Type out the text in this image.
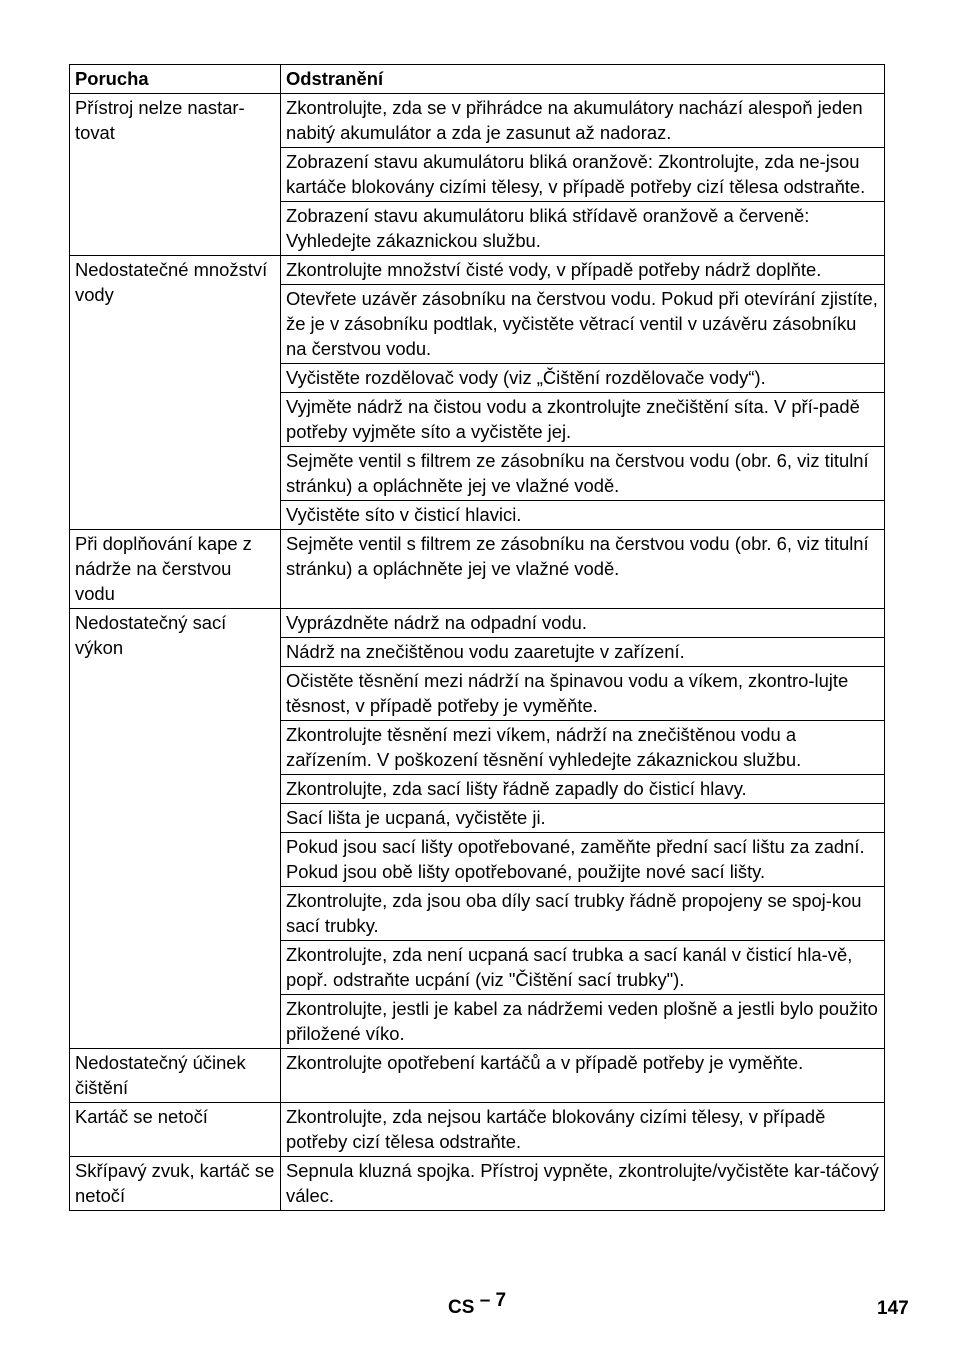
Porucha	Odstranění
Přístroj nelze nastar-tovat	Zkontrolujte, zda se v přihrádce na akumulátory nachází alespoň jeden nabitý akumulátor a zda je zasunut až nadoraz.
	Zobrazení stavu akumulátoru bliká oranžově: Zkontrolujte, zda ne-jsou kartáče blokovány cizími tělesy, v případě potřeby cizí tělesa odstraňte.
	Zobrazení stavu akumulátoru bliká střídavě oranžově a červeně: Vyhledejte zákaznickou službu.
Nedostatečné množství vody	Zkontrolujte množství čisté vody, v případě potřeby nádrž doplňte.
	Otevřete uzávěr zásobníku na čerstvou vodu. Pokud při otevírání zjistíte, že je v zásobníku podtlak, vyčistěte větrací ventil v uzávěru zásobníku na čerstvou vodu.
	Vyčistěte rozdělovač vody (viz „Čištění rozdělovače vody“).
	Vyjměte nádrž na čistou vodu a zkontrolujte znečištění síta. V pří-padě potřeby vyjměte síto a vyčistěte jej.
	Sejměte ventil s filtrem ze zásobníku na čerstvou vodu (obr. 6, viz titulní stránku) a opláchněte jej ve vlažné vodě.
	Vyčistěte síto v čisticí hlavici.
Při doplňování kape z nádrže na čerstvou vodu	Sejměte ventil s filtrem ze zásobníku na čerstvou vodu (obr. 6, viz titulní stránku) a opláchněte jej ve vlažné vodě.
Nedostatečný sací výkon	Vyprázdněte nádrž na odpadní vodu.
	Nádrž na znečištěnou vodu zaaretujte v zařízení.
	Očistěte těsnění mezi nádrží na špinavou vodu a víkem, zkontro-lujte těsnost, v případě potřeby je vyměňte.
	Zkontrolujte těsnění mezi víkem, nádrží na znečištěnou vodu a zařízením. V poškození těsnění vyhledejte zákaznickou službu.
	Zkontrolujte, zda sací lišty řádně zapadly do čisticí hlavy.
	Sací lišta je ucpaná, vyčistěte ji.
	Pokud jsou sací lišty opotřebované, zaměňte přední sací lištu za zadní. Pokud jsou obě lišty opotřebované, použijte nové sací lišty.
	Zkontrolujte, zda jsou oba díly sací trubky řádně propojeny se spoj-kou sací trubky.
	Zkontrolujte, zda není ucpaná sací trubka a sací kanál v čisticí hla-vě, popř. odstraňte ucpání (viz "Čištění sací trubky").
	Zkontrolujte, jestli je kabel za nádržemi veden plošně a jestli bylo použito přiložené víko.
Nedostatečný účinek čištění	Zkontrolujte opotřebení kartáčů a v případě potřeby je vyměňte.
Kartáč se netočí	Zkontrolujte, zda nejsou kartáče blokovány cizími tělesy, v případě potřeby cizí tělesa odstraňte.
Skřípavý zvuk, kartáč se netočí	Sepnula kluzná spojka. Přístroj vypněte, zkontrolujte/vyčistěte kar-táčový válec.
CS – 7	147
